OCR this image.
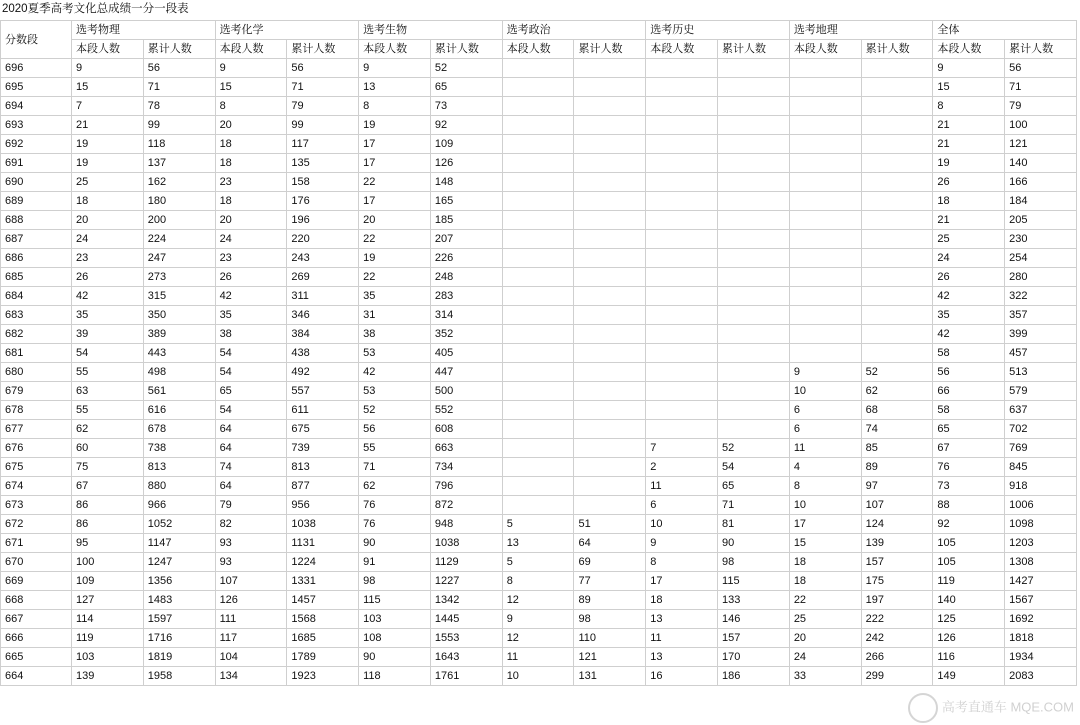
2020夏季高考文化总成绩一分一段表
分数段	选考物理		选考化学		选考生物		选考政治		选考历史		选考地理		全体	
	本段人数	累计人数	本段人数	累计人数	本段人数	累计人数	本段人数	累计人数	本段人数	累计人数	本段人数	累计人数	本段人数	累计人数
696	9	56	9	56	9	52							9	56
695	15	71	15	71	13	65							15	71
694	7	78	8	79	8	73							8	79
693	21	99	20	99	19	92							21	100
692	19	118	18	117	17	109							21	121
691	19	137	18	135	17	126							19	140
690	25	162	23	158	22	148							26	166
689	18	180	18	176	17	165							18	184
688	20	200	20	196	20	185							21	205
687	24	224	24	220	22	207							25	230
686	23	247	23	243	19	226							24	254
685	26	273	26	269	22	248							26	280
684	42	315	42	311	35	283							42	322
683	35	350	35	346	31	314							35	357
682	39	389	38	384	38	352							42	399
681	54	443	54	438	53	405							58	457
680	55	498	54	492	42	447					9	52	56	513
679	63	561	65	557	53	500					10	62	66	579
678	55	616	54	611	52	552					6	68	58	637
677	62	678	64	675	56	608					6	74	65	702
676	60	738	64	739	55	663			7	52	11	85	67	769
675	75	813	74	813	71	734			2	54	4	89	76	845
674	67	880	64	877	62	796			11	65	8	97	73	918
673	86	966	79	956	76	872			6	71	10	107	88	1006
672	86	1052	82	1038	76	948	5	51	10	81	17	124	92	1098
671	95	1147	93	1131	90	1038	13	64	9	90	15	139	105	1203
670	100	1247	93	1224	91	1129	5	69	8	98	18	157	105	1308
669	109	1356	107	1331	98	1227	8	77	17	115	18	175	119	1427
668	127	1483	126	1457	115	1342	12	89	18	133	22	197	140	1567
667	114	1597	111	1568	103	1445	9	98	13	146	25	222	125	1692
666	119	1716	117	1685	108	1553	12	110	11	157	20	242	126	1818
665	103	1819	104	1789	90	1643	11	121	13	170	24	266	116	1934
664	139	1958	134	1923	118	1761	10	131	16	186	33	299	149	2083
高考直通车 MQE.COM
